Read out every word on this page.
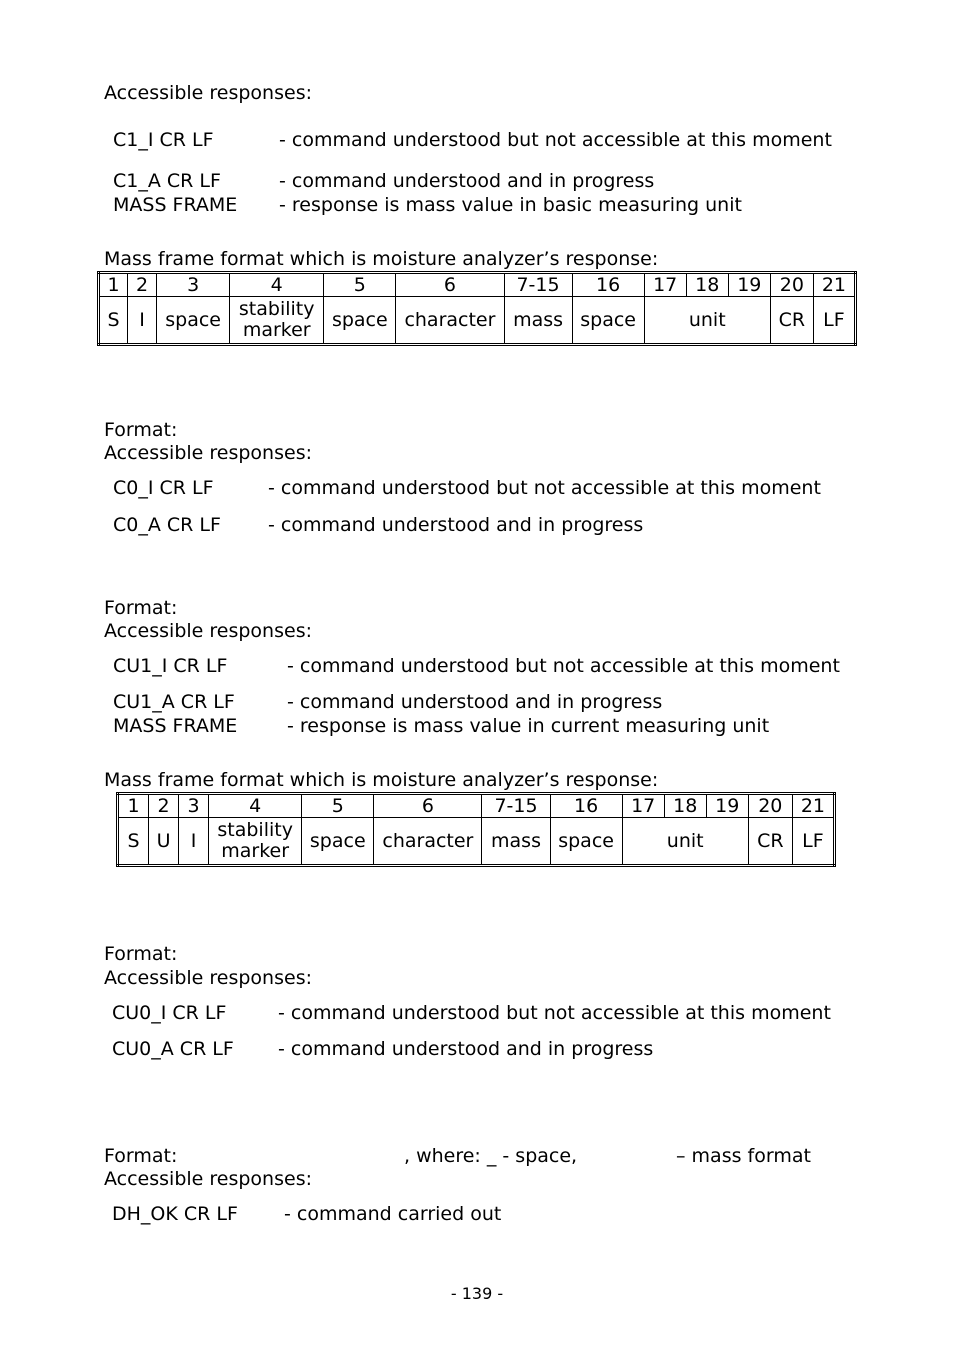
Accessible responses:
C1_I CR LF	- command understood but not accessible at this moment
C1_A CR LF	- command understood and in progress
MASS FRAME - response is mass value in basic measuring unit
Mass frame format which is moisture analyzer’s response:
1	2	3	4	5	6	7-15	16	17	18	19	20	21
S	I	space	stability marker	space	character	mass	space	unit			CR	LF
Format:
Accessible responses:
C0_I CR LF	- command understood but not accessible at this moment
C0_A CR LF - command understood and in progress
Format:
Accessible responses:
CU1_I CR LF	- command understood but not accessible at this moment
CU1_A CR LF	- command understood and in progress
MASS FRAME	- response is mass value in current measuring unit
Mass frame format which is moisture analyzer’s response:
1	2	3	4	5	6	7-15	16	17	18	19	20	21
S	U	I	stability marker	space	character	mass	space	unit			CR	LF
Format:
Accessible responses:
CU0_I CR LF	- command understood but not accessible at this moment
CU0_A CR LF - command understood and in progress
Format:	, where: _ - space,	– mass format
Accessible responses:
DH_OK CR LF - command carried out
- 139 -
